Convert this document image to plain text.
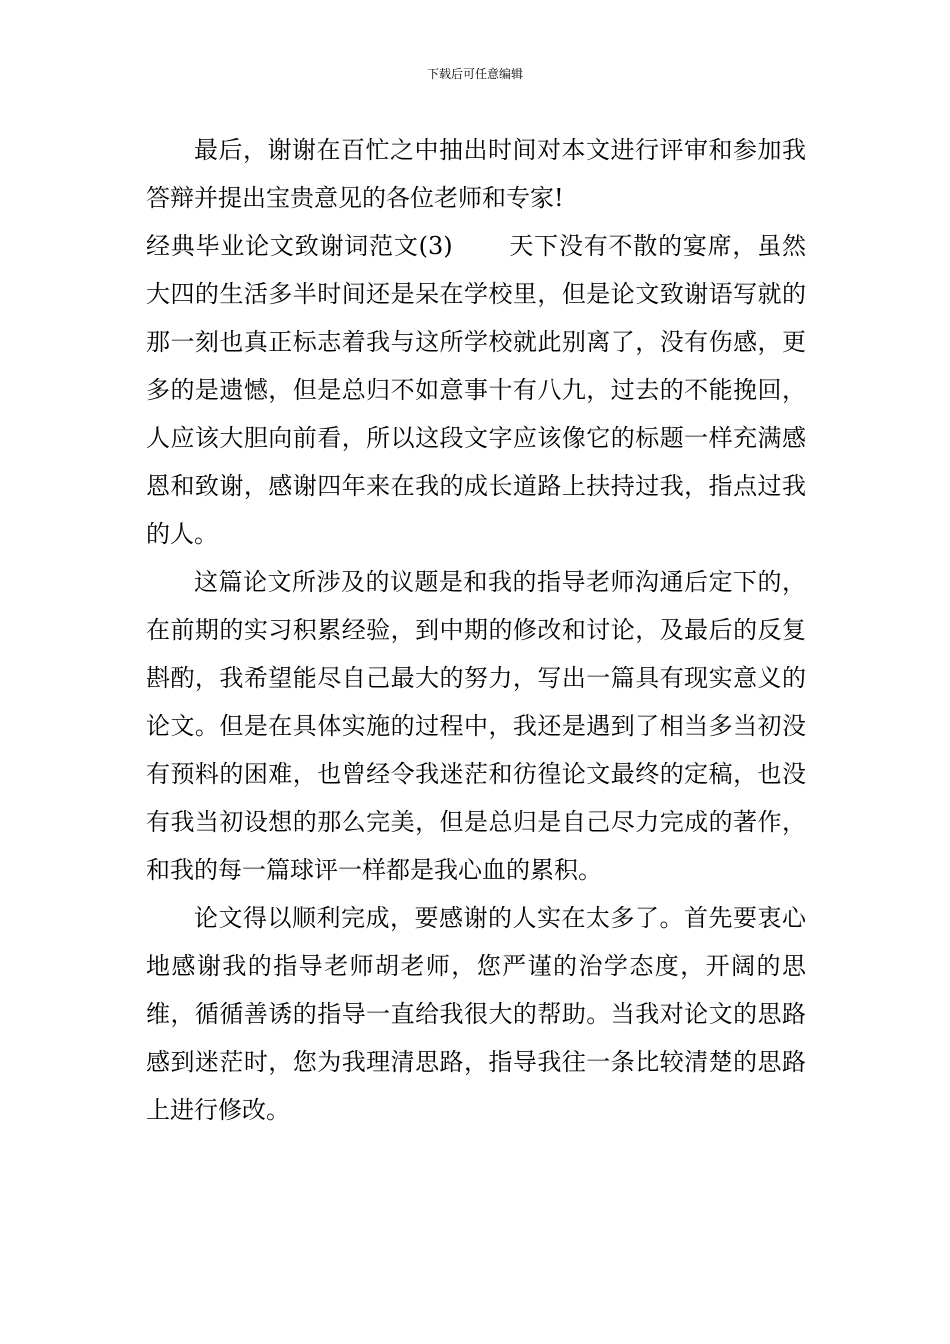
下载后可任意编辑

最后，谢谢在百忙之中抽出时间对本文进行评审和参加我答辩并提出宝贵意见的各位老师和专家!

经典毕业论文致谢词范文(3) 天下没有不散的宴席，虽然大四的生活多半时间还是呆在学校里，但是论文致谢语写就的那一刻也真正标志着我与这所学校就此别离了，没有伤感，更多的是遗憾，但是总归不如意事十有八九，过去的不能挽回，人应该大胆向前看，所以这段文字应该像它的标题一样充满感恩和致谢，感谢四年来在我的成长道路上扶持过我，指点过我的人。

这篇论文所涉及的议题是和我的指导老师沟通后定下的，在前期的实习积累经验，到中期的修改和讨论，及最后的反复斟酌，我希望能尽自己最大的努力，写出一篇具有现实意义的论文。但是在具体实施的过程中，我还是遇到了相当多当初没有预料的困难，也曾经令我迷茫和彷徨论文最终的定稿，也没有我当初设想的那么完美，但是总归是自己尽力完成的著作，和我的每一篇球评一样都是我心血的累积。

论文得以顺利完成，要感谢的人实在太多了。首先要衷心地感谢我的指导老师胡老师，您严谨的治学态度，开阔的思维，循循善诱的指导一直给我很大的帮助。当我对论文的思路感到迷茫时，您为我理清思路，指导我往一条比较清楚的思路上进行修改。
